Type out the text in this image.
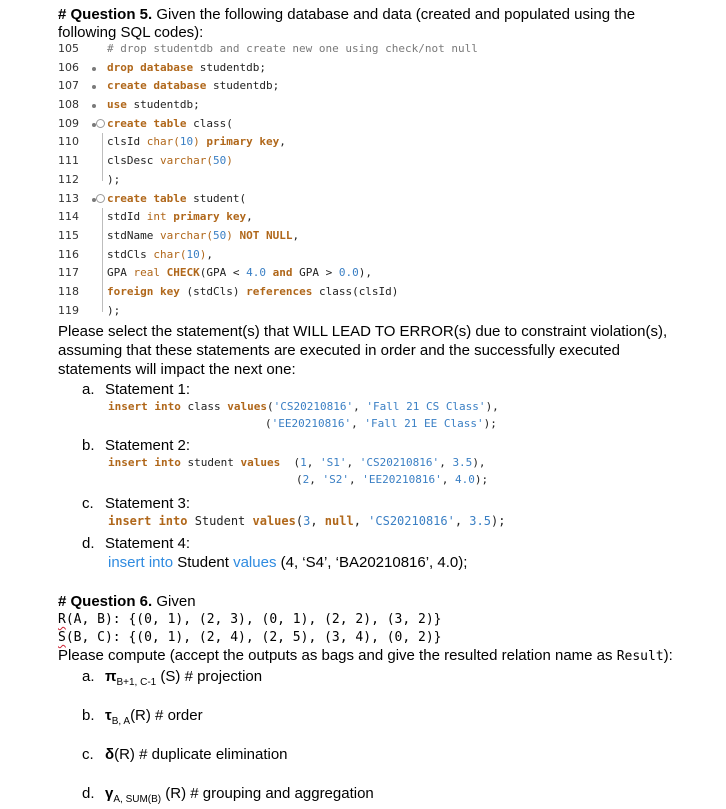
# Question 5. Given the following database and data (created and populated using the
following SQL codes):
105	# drop studentdb and create new one using check/not null
106	drop database studentdb;
107	create database studentdb;
108	use studentdb;
109	create table class(
110	clsId char(10) primary key,
111	clsDesc varchar(50)
112	);
113	create table student(
114	stdId int primary key,
115	stdName varchar(50) NOT NULL,
116	stdCls char(10),
117	GPA real CHECK(GPA < 4.0 and GPA > 0.0),
118	foreign key (stdCls) references class(clsId)
119	);
Please select the statement(s) that WILL LEAD TO ERROR(s) due to constraint violation(s),
assuming that these statements are executed in order and the successfully executed
statements will impact the next one:
a. Statement 1:
insert into class values('CS20210816', 'Fall 21 CS Class'),
('EE20210816', 'Fall 21 EE Class');
b. Statement 2:
insert into student values  (1, 'S1', 'CS20210816', 3.5),
(2, 'S2', 'EE20210816', 4.0);
c. Statement 3:
insert into Student values(3, null, 'CS20210816', 3.5);
d. Statement 4:
insert into Student values (4, ‘S4’, ‘BA20210816’, 4.0);
# Question 6. Given
R(A, B): {(0, 1), (2, 3), (0, 1), (2, 2), (3, 2)}
S(B, C): {(0, 1), (2, 4), (2, 5), (3, 4), (0, 2)}
Please compute (accept the outputs as bags and give the resulted relation name as Result):
a. $\pi_{B+1, C-1}$ (S) # projection
b. $\tau_{B, A}(R)$ # order
c. δ(R) # duplicate elimination
d. $\gamma_{A, SUM(B)}$ (R) # grouping and aggregation
